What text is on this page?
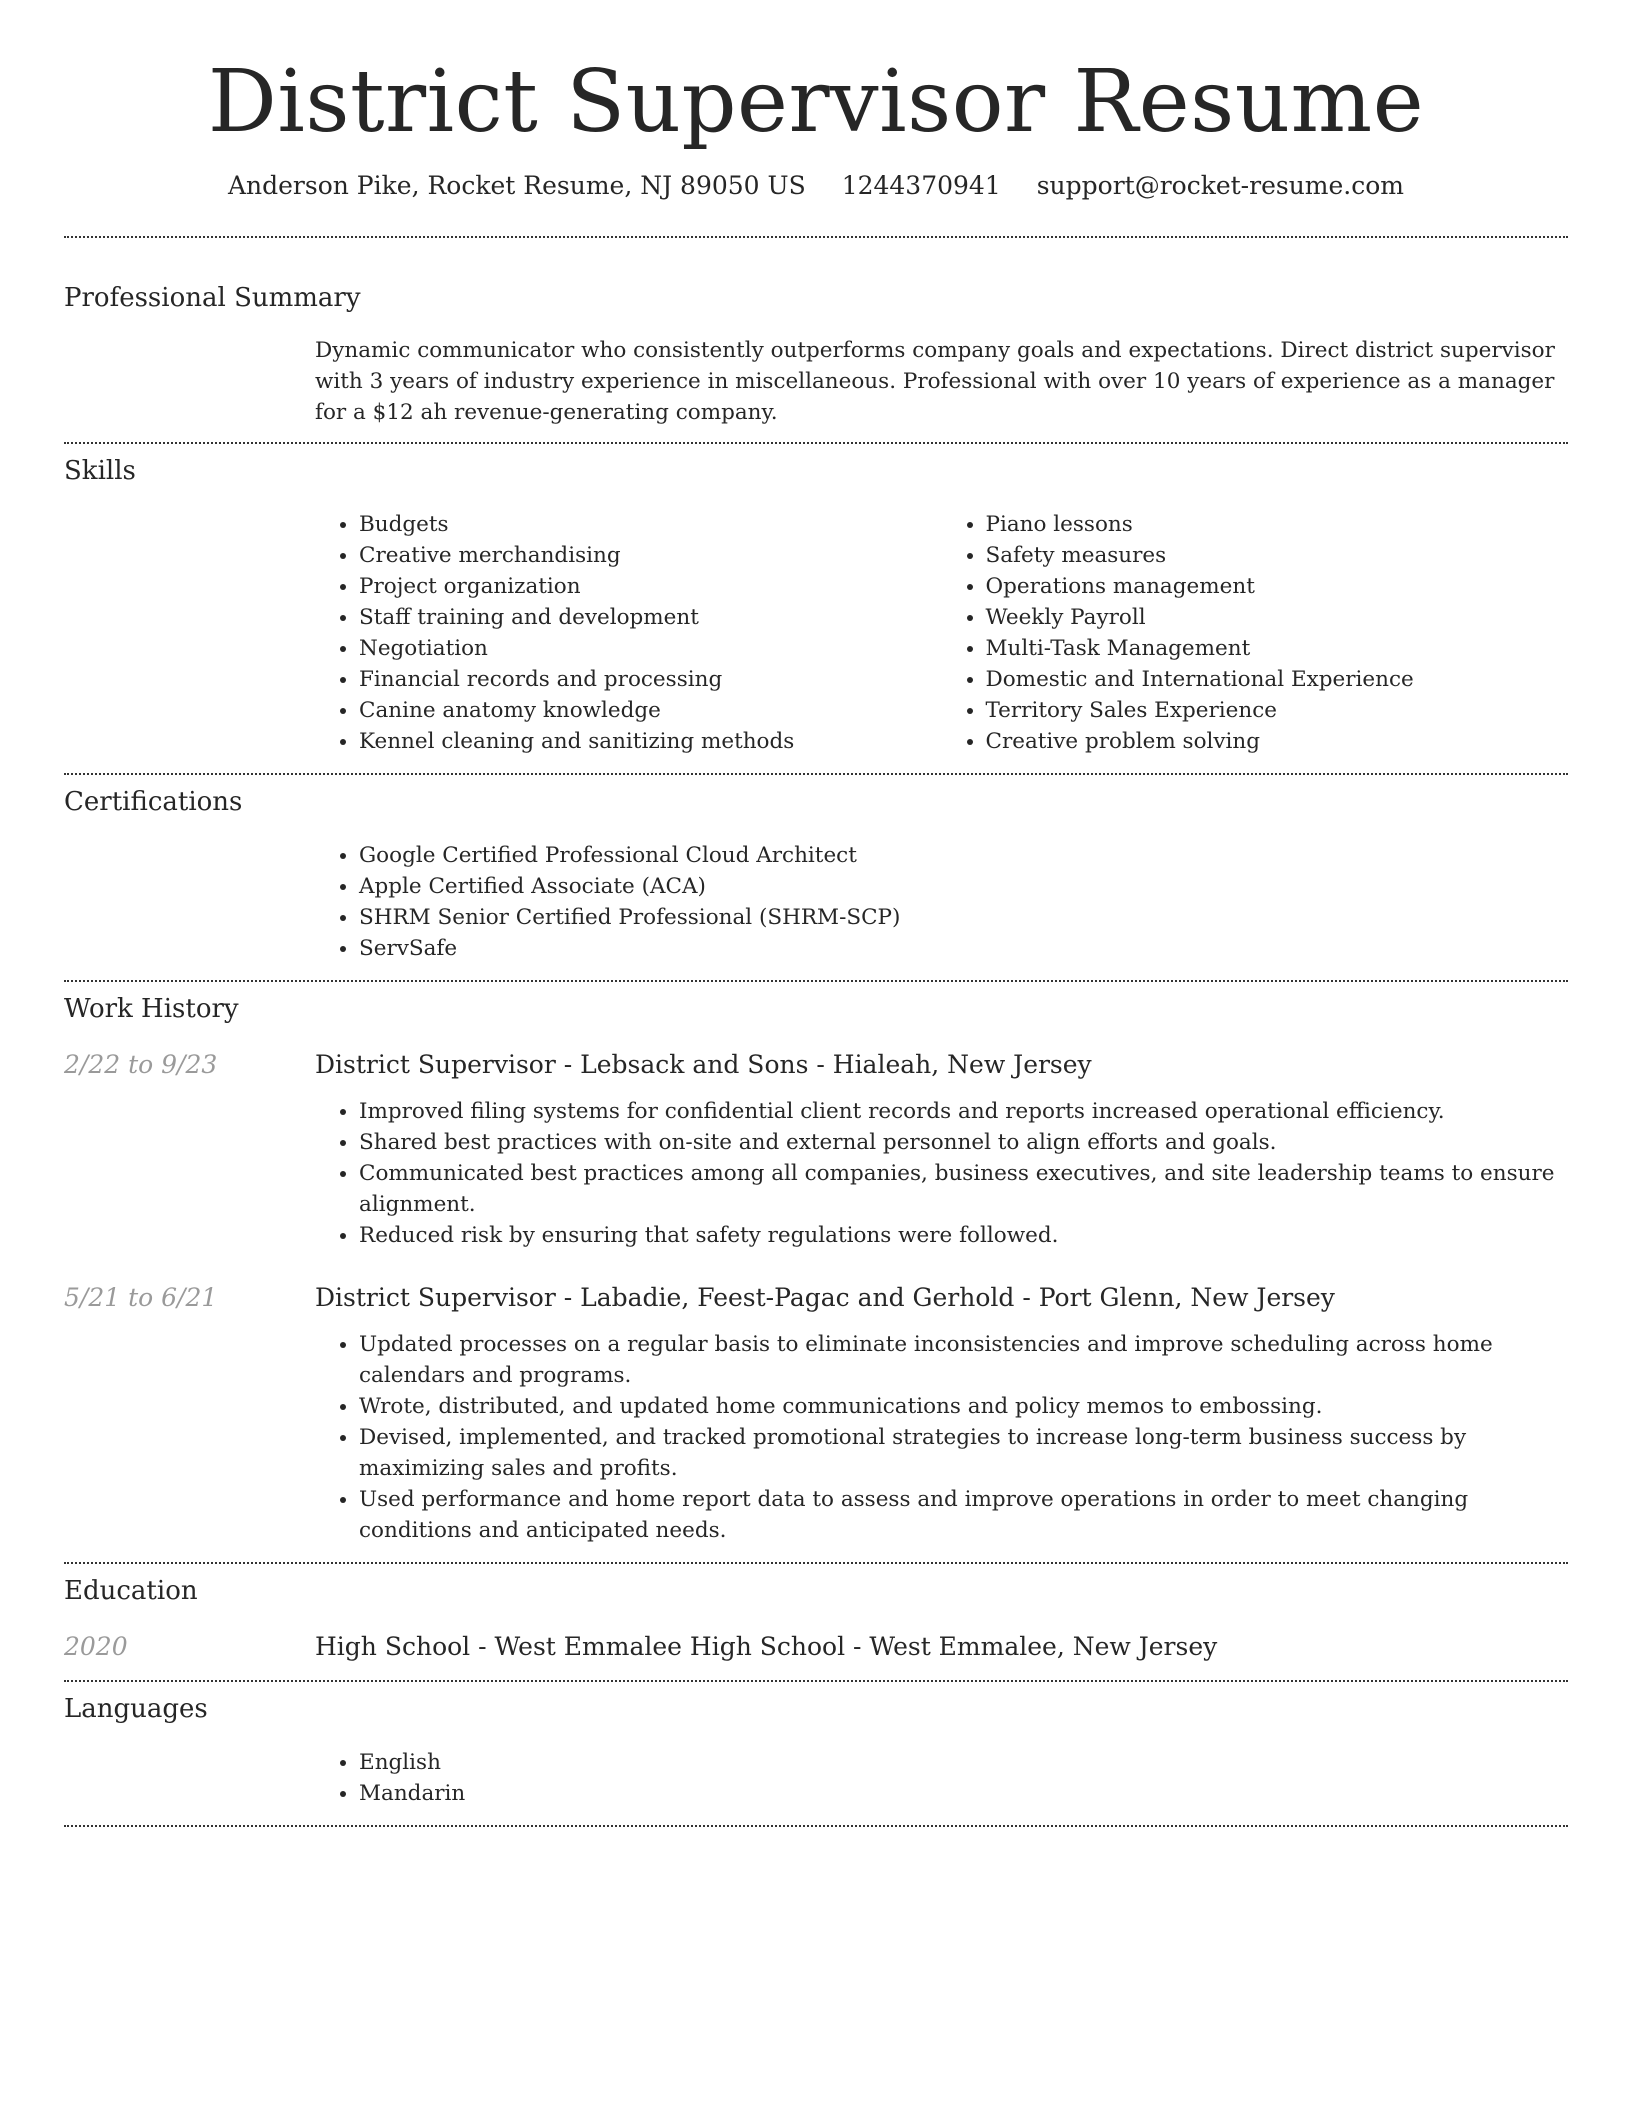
District Supervisor Resume
Anderson Pike, Rocket Resume, NJ 89050 US 1244370941 support@rocket-resume.com
Professional Summary

Dynamic communicator who consistently outperforms company goals and expectations. Direct district supervisor with 3 years of industry experience in miscellaneous. Professional with over 10 years of experience as a manager for a $12 ah revenue-generating company.

Skills
• Budgets
• Creative merchandising
• Project organization
• Staff training and development
• Negotiation
• Financial records and processing
• Canine anatomy knowledge
• Kennel cleaning and sanitizing methods
• Piano lessons
• Safety measures
• Operations management
• Weekly Payroll
• Multi-Task Management
• Domestic and International Experience
• Territory Sales Experience
• Creative problem solving
Certifications
• Google Certified Professional Cloud Architect
• Apple Certified Associate (ACA)
• SHRM Senior Certified Professional (SHRM-SCP)
• ServSafe
Work History
2/22 to 9/23	District Supervisor - Lebsack and Sons - Hialeah, New Jersey
• Improved filing systems for confidential client records and reports increased operational efficiency.
• Shared best practices with on-site and external personnel to align efforts and goals.
• Communicated best practices among all companies, business executives, and site leadership teams to ensure alignment.
• Reduced risk by ensuring that safety regulations were followed.
5/21 to 6/21	District Supervisor - Labadie, Feest-Pagac and Gerhold - Port Glenn, New Jersey
• Updated processes on a regular basis to eliminate inconsistencies and improve scheduling across home calendars and programs.
• Wrote, distributed, and updated home communications and policy memos to embossing.
• Devised, implemented, and tracked promotional strategies to increase long-term business success by maximizing sales and profits.
• Used performance and home report data to assess and improve operations in order to meet changing conditions and anticipated needs.
Education
2020	High School - West Emmalee High School - West Emmalee, New Jersey
Languages
• English
• Mandarin
